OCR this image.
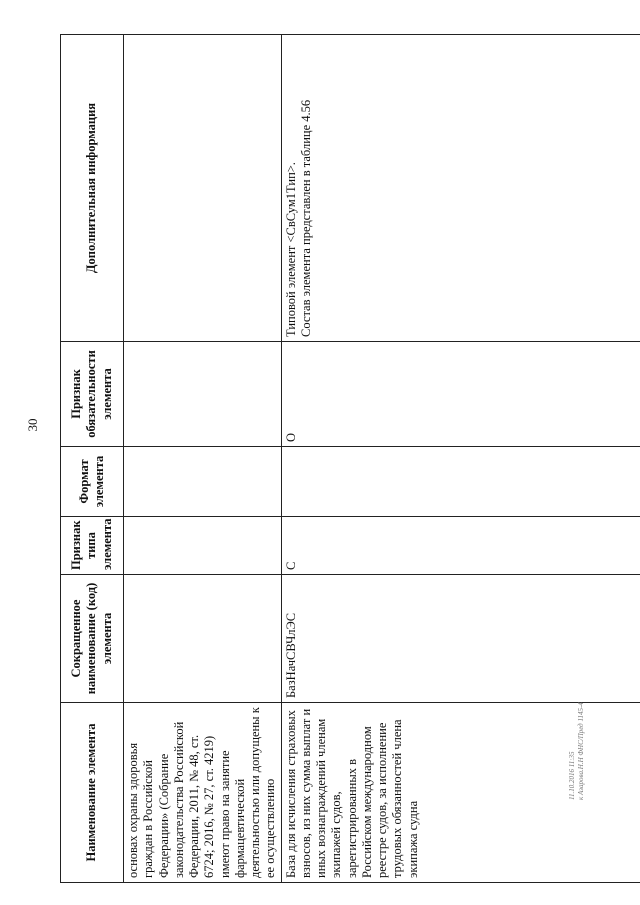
30
Наименование элемента	Сокращенное наименование (код) элемента	Признак типа элемента	Формат элемента	Признак обязательности элемента	Дополнительная информация
основах охраны здоровья граждан в Российской Федерации» (Собрание законодательства Российской Федерации, 2011, № 48, ст. 6724; 2016, № 27, ст. 4219) имеют право на занятие фармацевтической деятельностью или допущены к ее осуществлению					

База для исчисления страховых взносов, из них сумма выплат и иных вознаграждений членам экипажей судов, зарегистрированных в Российском международном реестре судов, за исполнение трудовых обязанностей члена экипажа судна	БазНачСВЧлЭС	С		О	Типовой элемент <СвСум1Тип>. Состав элемента представлен в таблице 4.56
11.10.2016 11:35 к Азарова.Н.Н ФНС/Пред 1145-4
